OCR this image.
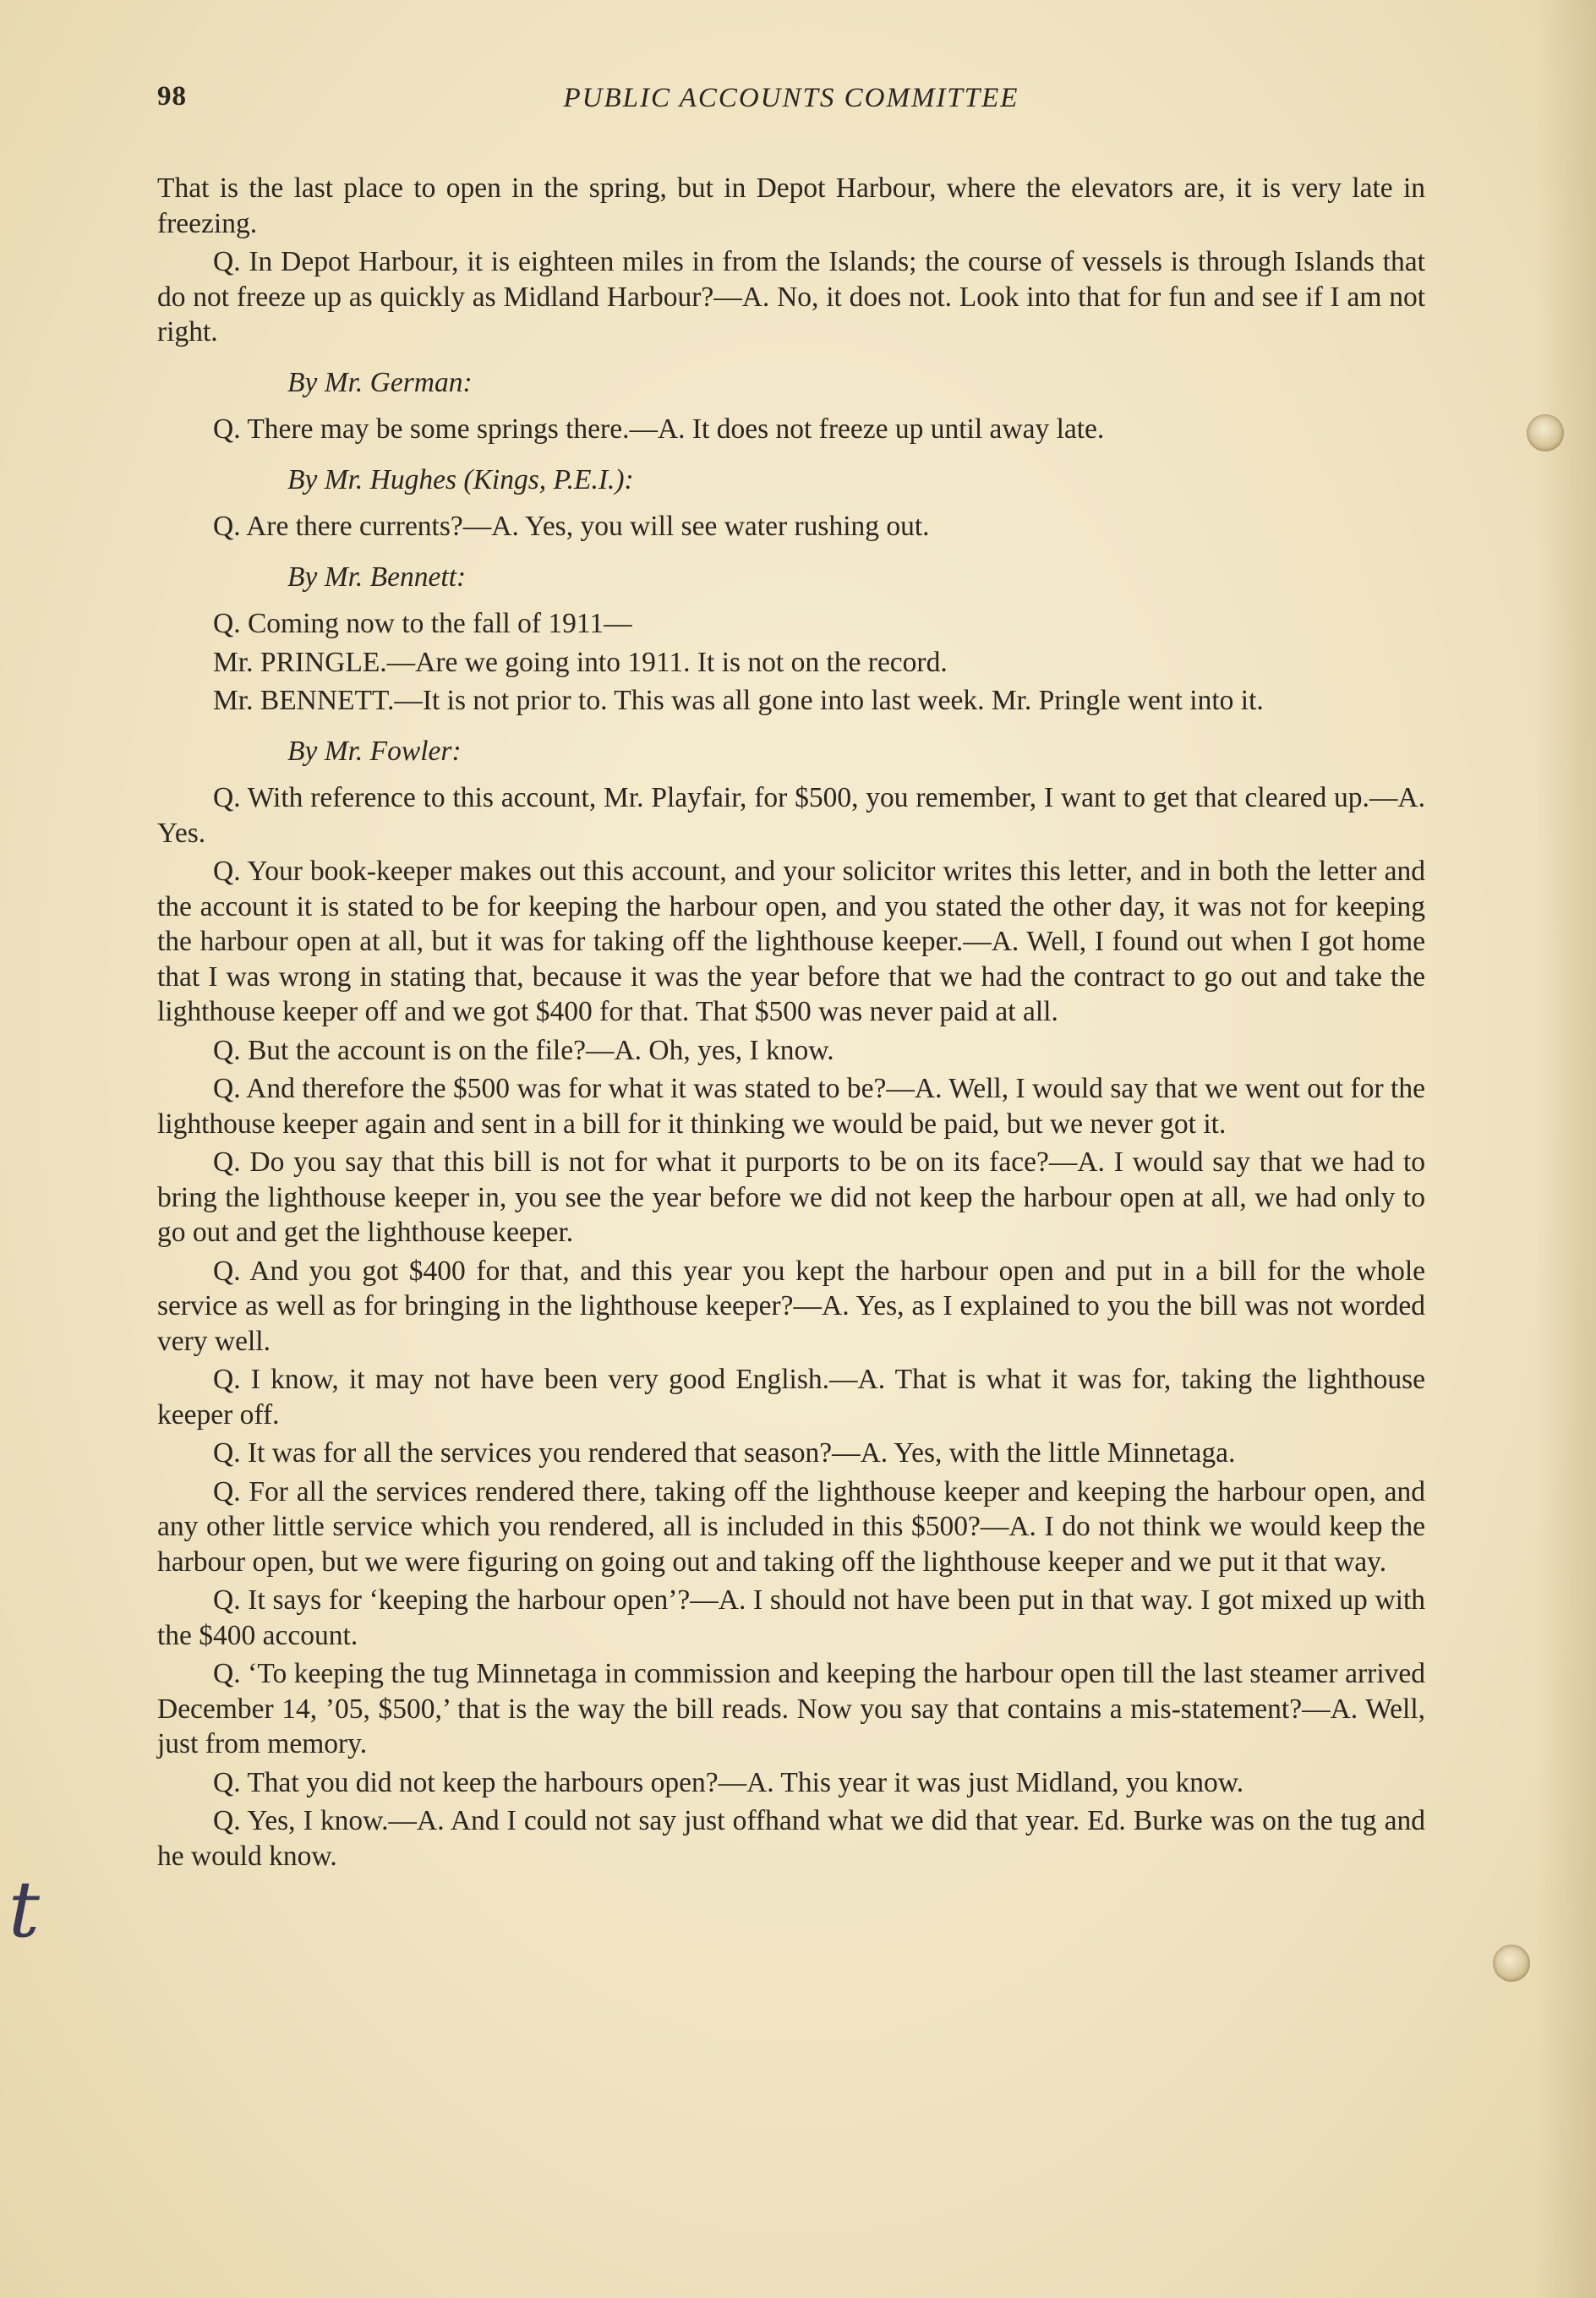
98	PUBLIC ACCOUNTS COMMITTEE

That is the last place to open in the spring, but in Depot Harbour, where the elevators are, it is very late in freezing.

Q. In Depot Harbour, it is eighteen miles in from the Islands; the course of vessels is through Islands that do not freeze up as quickly as Midland Harbour?—A. No, it does not. Look into that for fun and see if I am not right.

By Mr. German:

Q. There may be some springs there.—A. It does not freeze up until away late.

By Mr. Hughes (Kings, P.E.I.):

Q. Are there currents?—A. Yes, you will see water rushing out.

By Mr. Bennett:

Q. Coming now to the fall of 1911—

Mr. PRINGLE.—Are we going into 1911. It is not on the record.

Mr. BENNETT.—It is not prior to. This was all gone into last week. Mr. Pringle went into it.

By Mr. Fowler:

Q. With reference to this account, Mr. Playfair, for $500, you remember, I want to get that cleared up.—A. Yes.

Q. Your book-keeper makes out this account, and your solicitor writes this letter, and in both the letter and the account it is stated to be for keeping the harbour open, and you stated the other day, it was not for keeping the harbour open at all, but it was for taking off the lighthouse keeper.—A. Well, I found out when I got home that I was wrong in stating that, because it was the year before that we had the contract to go out and take the lighthouse keeper off and we got $400 for that. That $500 was never paid at all.

Q. But the account is on the file?—A. Oh, yes, I know.

Q. And therefore the $500 was for what it was stated to be?—A. Well, I would say that we went out for the lighthouse keeper again and sent in a bill for it thinking we would be paid, but we never got it.

Q. Do you say that this bill is not for what it purports to be on its face?—A. I would say that we had to bring the lighthouse keeper in, you see the year before we did not keep the harbour open at all, we had only to go out and get the lighthouse keeper.

Q. And you got $400 for that, and this year you kept the harbour open and put in a bill for the whole service as well as for bringing in the lighthouse keeper?—A. Yes, as I explained to you the bill was not worded very well.

Q. I know, it may not have been very good English.—A. That is what it was for, taking the lighthouse keeper off.

Q. It was for all the services you rendered that season?—A. Yes, with the little Minnetaga.

Q. For all the services rendered there, taking off the lighthouse keeper and keeping the harbour open, and any other little service which you rendered, all is included in this $500?—A. I do not think we would keep the harbour open, but we were figuring on going out and taking off the lighthouse keeper and we put it that way.

Q. It says for ‘keeping the harbour open’?—A. I should not have been put in that way. I got mixed up with the $400 account.

Q. ‘To keeping the tug Minnetaga in commission and keeping the harbour open till the last steamer arrived December 14, ’05, $500,’ that is the way the bill reads. Now you say that contains a mis-statement?—A. Well, just from memory.

Q. That you did not keep the harbours open?—A. This year it was just Midland, you know.

Q. Yes, I know.—A. And I could not say just offhand what we did that year. Ed. Burke was on the tug and he would know.

t
